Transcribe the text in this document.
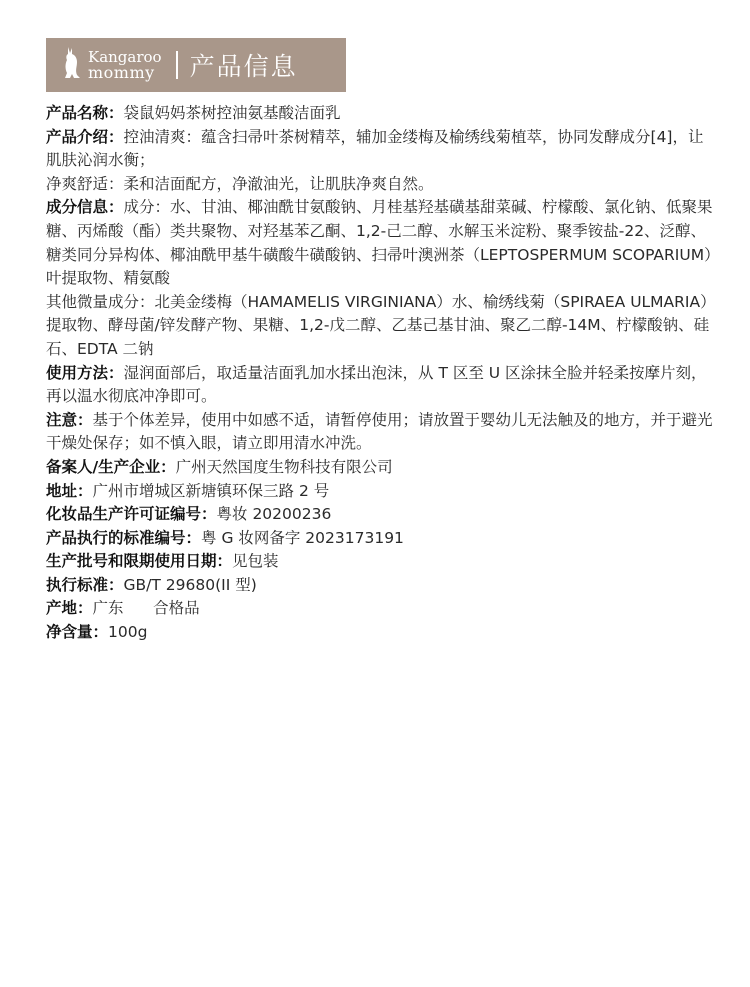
Kangaroo
mommy 产品信息

产品名称：袋鼠妈妈茶树控油氨基酸洁面乳

产品介绍：控油清爽：蕴含扫帚叶茶树精萃，辅加金缕梅及榆绣线菊植萃，协同发酵成分[4]，让肌肤沁润水衡；

净爽舒适：柔和洁面配方，净澈油光，让肌肤净爽自然。

成分信息：成分：水、甘油、椰油酰甘氨酸钠、月桂基羟基磺基甜菜碱、柠檬酸、氯化钠、低聚果糖、丙烯酸（酯）类共聚物、对羟基苯乙酮、1,2-己二醇、水解玉米淀粉、聚季铵盐-22、泛醇、糖类同分异构体、椰油酰甲基牛磺酸牛磺酸钠、扫帚叶澳洲茶（LEPTOSPERMUM SCOPARIUM）叶提取物、精氨酸

其他微量成分：北美金缕梅（HAMAMELIS VIRGINIANA）水、榆绣线菊（SPIRAEA ULMARIA）提取物、酵母菌/锌发酵产物、果糖、1,2-戊二醇、乙基己基甘油、聚乙二醇-14M、柠檬酸钠、硅石、EDTA 二钠

使用方法：湿润面部后，取适量洁面乳加水揉出泡沫，从 T 区至 U 区涂抹全脸并轻柔按摩片刻，再以温水彻底冲净即可。

注意：基于个体差异，使用中如感不适，请暂停使用；请放置于婴幼儿无法触及的地方，并于避光干燥处保存；如不慎入眼，请立即用清水冲洗。

备案人/生产企业：广州天然国度生物科技有限公司

地址：广州市增城区新塘镇环保三路 2 号

化妆品生产许可证编号：粤妆 20200236

产品执行的标准编号：粤 G 妆网备字 2023173191

生产批号和限期使用日期：见包装

执行标准：GB/T 29680(II 型)

产地：广东      合格品

净含量：100g
